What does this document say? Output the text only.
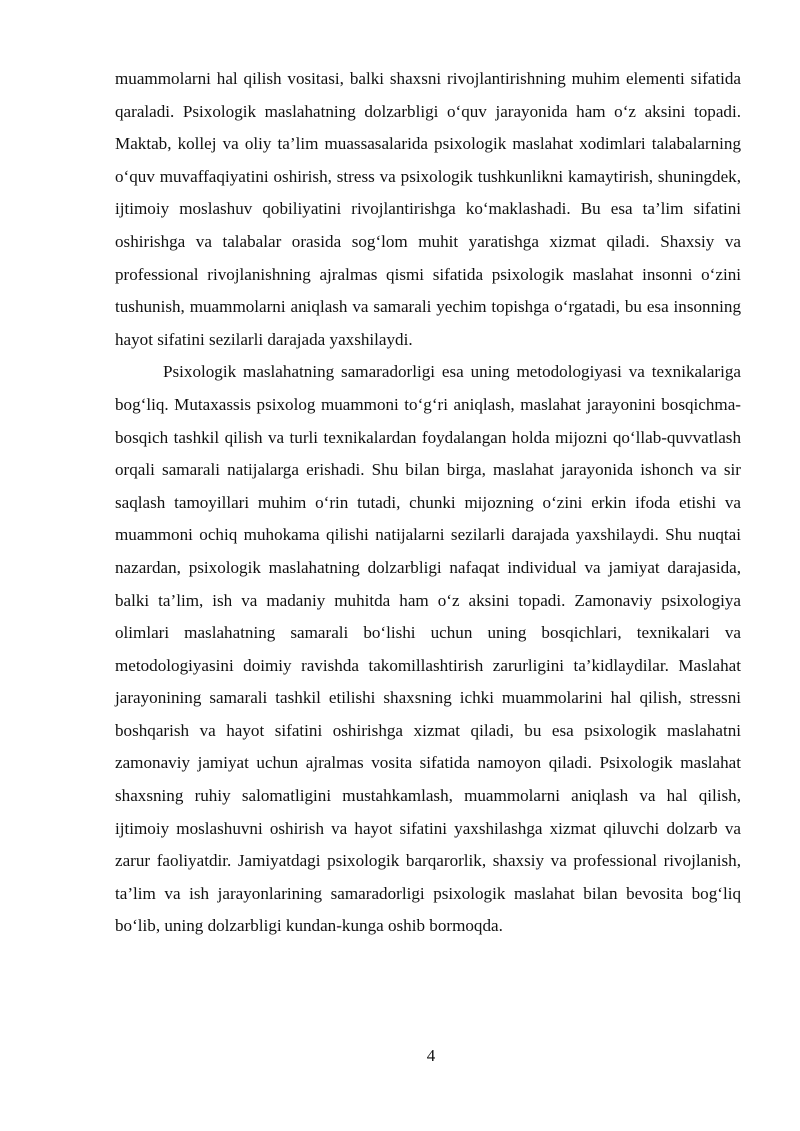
muammolarni hal qilish vositasi, balki shaxsni rivojlantirishning muhim elementi sifatida qaraladi. Psixologik maslahatning dolzarbligi o‘quv jarayonida ham o‘z aksini topadi. Maktab, kollej va oliy ta’lim muassasalarida psixologik maslahat xodimlari talabalarning o‘quv muvaffaqiyatini oshirish, stress va psixologik tushkunlikni kamaytirish, shuningdek, ijtimoiy moslashuv qobiliyatini rivojlantirishga ko‘maklashadi. Bu esa ta’lim sifatini oshirishga va talabalar orasida sog‘lom muhit yaratishga xizmat qiladi. Shaxsiy va professional rivojlanishning ajralmas qismi sifatida psixologik maslahat insonni o‘zini tushunish, muammolarni aniqlash va samarali yechim topishga o‘rgatadi, bu esa insonning hayot sifatini sezilarli darajada yaxshilaydi.

Psixologik maslahatning samaradorligi esa uning metodologiyasi va texnikalariga bog‘liq. Mutaxassis psixolog muammoni to‘g‘ri aniqlash, maslahat jarayonini bosqichma-bosqich tashkil qilish va turli texnikalardan foydalangan holda mijozni qo‘llab-quvvatlash orqali samarali natijalarga erishadi. Shu bilan birga, maslahat jarayonida ishonch va sir saqlash tamoyillari muhim o‘rin tutadi, chunki mijozning o‘zini erkin ifoda etishi va muammoni ochiq muhokama qilishi natijalarni sezilarli darajada yaxshilaydi. Shu nuqtai nazardan, psixologik maslahatning dolzarbligi nafaqat individual va jamiyat darajasida, balki ta’lim, ish va madaniy muhitda ham o‘z aksini topadi. Zamonaviy psixologiya olimlari maslahatning samarali bo‘lishi uchun uning bosqichlari, texnikalari va metodologiyasini doimiy ravishda takomillashtirish zarurligini ta’kidlaydilar. Maslahat jarayonining samarali tashkil etilishi shaxsning ichki muammolarini hal qilish, stressni boshqarish va hayot sifatini oshirishga xizmat qiladi, bu esa psixologik maslahatni zamonaviy jamiyat uchun ajralmas vosita sifatida namoyon qiladi. Psixologik maslahat shaxsning ruhiy salomatligini mustahkamlash, muammolarni aniqlash va hal qilish, ijtimoiy moslashuvni oshirish va hayot sifatini yaxshilashga xizmat qiluvchi dolzarb va zarur faoliyatdir. Jamiyatdagi psixologik barqarorlik, shaxsiy va professional rivojlanish, ta’lim va ish jarayonlarining samaradorligi psixologik maslahat bilan bevosita bog‘liq bo‘lib, uning dolzarbligi kundan-kunga oshib bormoqda.

4
